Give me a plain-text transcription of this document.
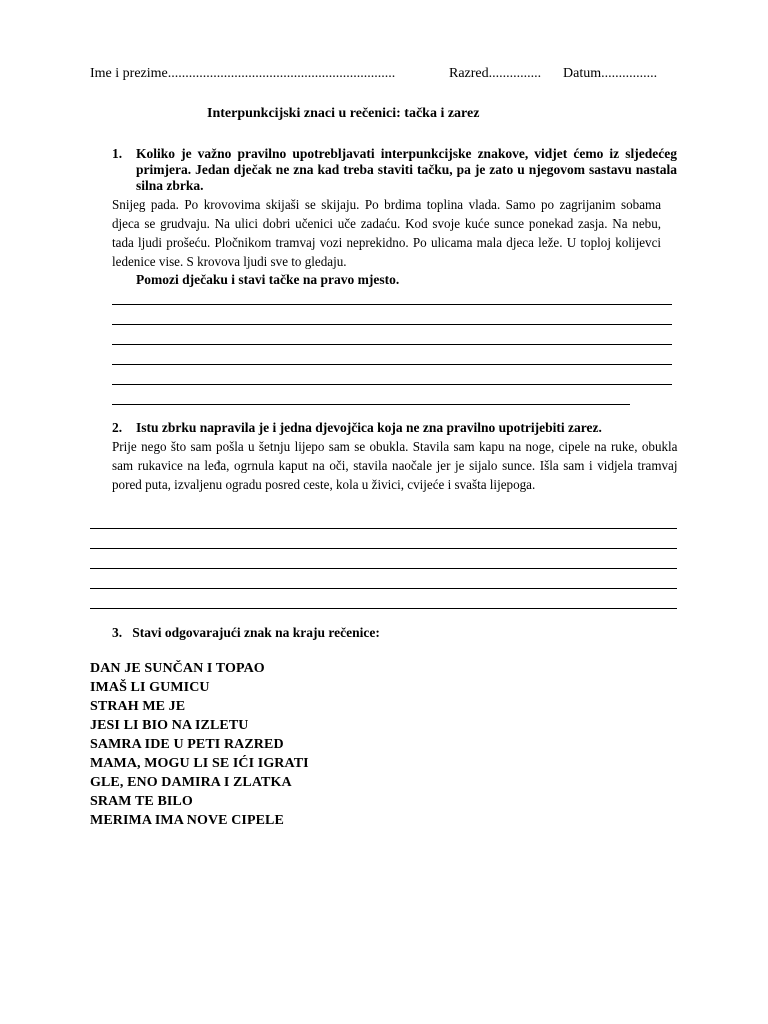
Ime i prezime.................................................................	Razred............... Datum................
Interpunkcijski znaci u rečenici: tačka i zarez
1.	Koliko je važno pravilno upotrebljavati interpunkcijske znakove, vidjet ćemo iz sljedećeg primjera. Jedan dječak ne zna kad treba staviti tačku, pa je zato u njegovom sastavu nastala silna zbrka.
Snijeg pada. Po krovovima skijaši se skijaju. Po brdima toplina vlada. Samo po zagrijanim sobama djeca se grudvaju. Na ulici dobri učenici uče zadaću. Kod svoje kuće sunce ponekad zasja. Na nebu, tada ljudi prošeću. Pločnikom tramvaj vozi neprekidno. Po ulicama mala djeca leže. U toploj kolijevci ledenice vise. S krovova ljudi sve to gledaju.
Pomozi dječaku i stavi tačke na pravo mjesto.
2.	Istu zbrku napravila je i jedna djevojčica koja ne zna pravilno upotrijebiti zarez.
Prije nego što sam pošla u šetnju lijepo sam se obukla. Stavila sam kapu na noge, cipele na ruke, obukla sam rukavice na leđa, ogrnula kaput na oči, stavila naočale jer je sijalo sunce. Išla sam i vidjela tramvaj pored puta, izvaljenu ogradu posred ceste, kola u živici, cvijeće i svašta lijepoga.
3. Stavi odgovarajući znak na kraju rečenice:
DAN JE SUNČAN I TOPAO
IMAŠ LI GUMICU
STRAH ME JE
JESI LI BIO NA IZLETU
SAMRA IDE U PETI RAZRED
MAMA, MOGU LI SE IĆI IGRATI
GLE, ENO DAMIRA I ZLATKA
SRAM TE BILO
MERIMA IMA NOVE CIPELE
